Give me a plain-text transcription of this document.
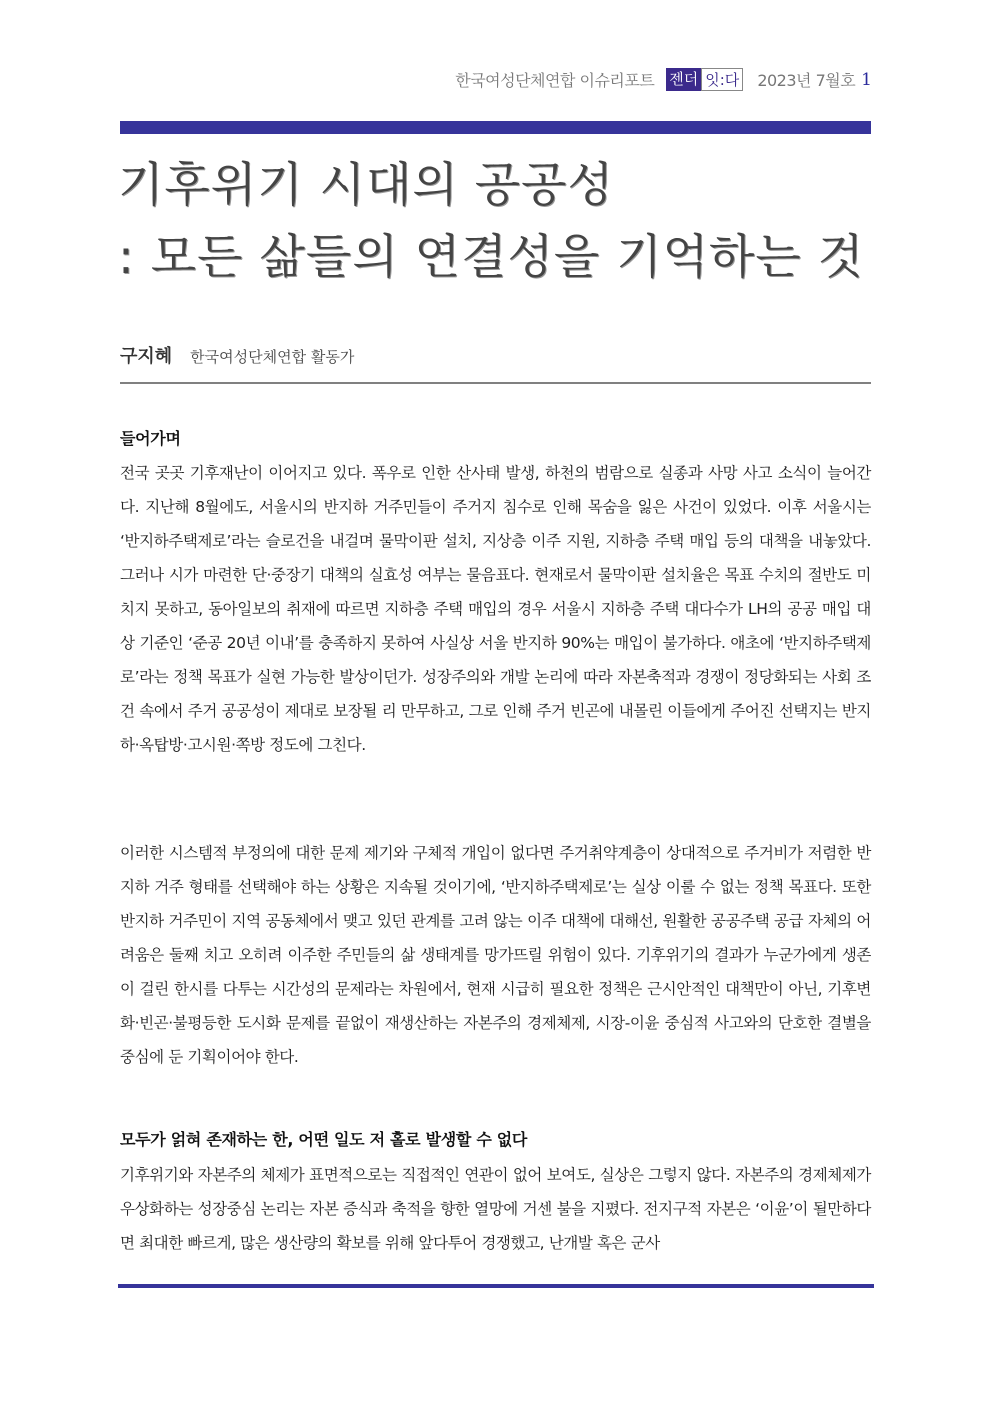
한국여성단체연합 이슈리포트 젠더 잇:다 2023년 7월호 1
기후위기 시대의 공공성
: 모든 삶들의 연결성을 기억하는 것
구지혜 한국여성단체연합 활동가
들어가며

전국 곳곳 기후재난이 이어지고 있다. 폭우로 인한 산사태 발생, 하천의 범람으로 실종과 사망 사고 소식이 늘어간다. 지난해 8월에도, 서울시의 반지하 거주민들이 주거지 침수로 인해 목숨을 잃은 사건이 있었다. 이후 서울시는 ‘반지하주택제로’라는 슬로건을 내걸며 물막이판 설치, 지상층 이주 지원, 지하층 주택 매입 등의 대책을 내놓았다. 그러나 시가 마련한 단·중장기 대책의 실효성 여부는 물음표다. 현재로서 물막이판 설치율은 목표 수치의 절반도 미치지 못하고, 동아일보의 취재에 따르면 지하층 주택 매입의 경우 서울시 지하층 주택 대다수가 LH의 공공 매입 대상 기준인 ‘준공 20년 이내’를 충족하지 못하여 사실상 서울 반지하 90%는 매입이 불가하다. 애초에 ‘반지하주택제로’라는 정책 목표가 실현 가능한 발상이던가. 성장주의와 개발 논리에 따라 자본축적과 경쟁이 정당화되는 사회 조건 속에서 주거 공공성이 제대로 보장될 리 만무하고, 그로 인해 주거 빈곤에 내몰린 이들에게 주어진 선택지는 반지하·옥탑방·고시원·쪽방 정도에 그친다.

이러한 시스템적 부정의에 대한 문제 제기와 구체적 개입이 없다면 주거취약계층이 상대적으로 주거비가 저렴한 반지하 거주 형태를 선택해야 하는 상황은 지속될 것이기에, ‘반지하주택제로’는 실상 이룰 수 없는 정책 목표다. 또한 반지하 거주민이 지역 공동체에서 맺고 있던 관계를 고려 않는 이주 대책에 대해선, 원활한 공공주택 공급 자체의 어려움은 둘째 치고 오히려 이주한 주민들의 삶 생태계를 망가뜨릴 위험이 있다. 기후위기의 결과가 누군가에게 생존이 걸린 한시를 다투는 시간성의 문제라는 차원에서, 현재 시급히 필요한 정책은 근시안적인 대책만이 아닌, 기후변화·빈곤·불평등한 도시화 문제를 끝없이 재생산하는 자본주의 경제체제, 시장-이윤 중심적 사고와의 단호한 결별을 중심에 둔 기획이어야 한다.

모두가 얽혀 존재하는 한, 어떤 일도 저 홀로 발생할 수 없다

기후위기와 자본주의 체제가 표면적으로는 직접적인 연관이 없어 보여도, 실상은 그렇지 않다. 자본주의 경제체제가 우상화하는 성장중심 논리는 자본 증식과 축적을 향한 열망에 거센 불을 지폈다. 전지구적 자본은 ‘이윤’이 될만하다면 최대한 빠르게, 많은 생산량의 확보를 위해 앞다투어 경쟁했고, 난개발 혹은 군사
